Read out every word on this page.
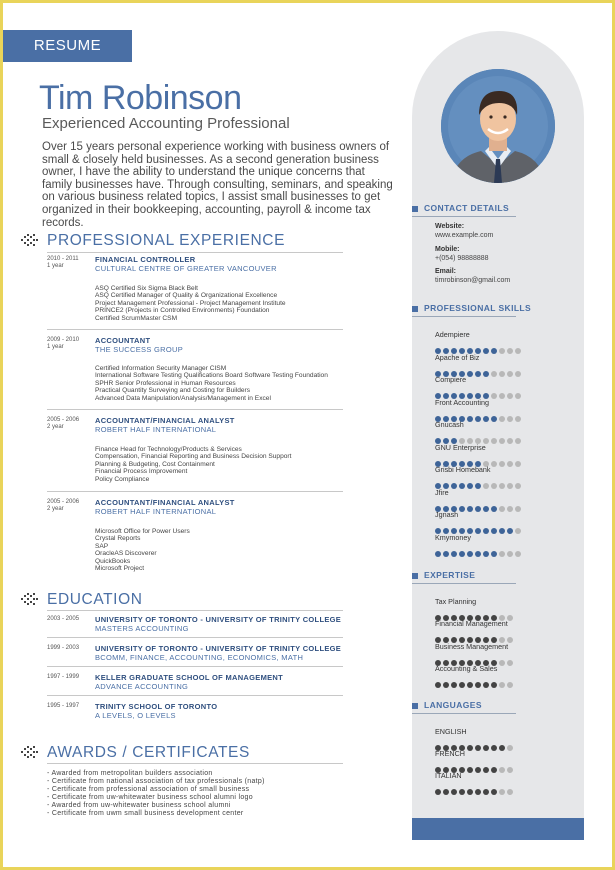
RESUME
Tim Robinson
Experienced Accounting Professional
Over 15 years personal experience working with business owners of small & closely held businesses. As a second generation business owner, I have the ability to understand the unique concerns that family businesses have. Through consulting, seminars, and speaking on various business related topics, I assist small businesses to get organized in their bookkeeping, accounting, payroll & income tax records.
PROFESSIONAL EXPERIENCE
2010 - 2011
1 year
FINANCIAL CONTROLLER
CULTURAL CENTRE OF GREATER VANCOUVER
ASQ Certified Six Sigma Black Belt
ASQ Certified Manager of Quality & Organizational Excellence
Project Management Professional - Project Management Institute
PRINCE2 (Projects in Controlled Environments) Foundation
Certified ScrumMaster CSM
2009 - 2010
1 year
ACCOUNTANT
THE SUCCESS GROUP
Certified Information Security Manager CISM
International Software Testing Qualifications Board Software Testing Foundation
SPHR Senior Professional in Human Resources
Practical Quantity Surveying and Costing for Builders
Advanced Data Manipulation/Analysis/Management in Excel
2005 - 2006
2 year
ACCOUNTANT/FINANCIAL ANALYST
ROBERT HALF INTERNATIONAL
Finance Head for Technology/Products & Services
Compensation, Financial Reporting and Business Decision Support
Planning & Budgeting, Cost Containment
Financial Process Improvement
Policy Compliance
2005 - 2006
2 year
ACCOUNTANT/FINANCIAL ANALYST
ROBERT HALF INTERNATIONAL
Microsoft Office for Power Users
Crystal Reports
SAP
OracleAS Discoverer
QuickBooks
Microsoft Project
EDUCATION
2003 - 2005 UNIVERSITY OF TORONTO - UNIVERSITY OF TRINITY COLLEGE
MASTERS ACCOUNTING
1999 - 2003 UNIVERSITY OF TORONTO - UNIVERSITY OF TRINITY COLLEGE
BCOMM, FINANCE, ACCOUNTING, ECONOMICS, MATH
1997 - 1999 KELLER GRADUATE SCHOOL OF MANAGEMENT
ADVANCE ACCOUNTING
1995 - 1997 TRINITY SCHOOL OF TORONTO
A LEVELS, O LEVELS
AWARDS / CERTIFICATES
- Awarded from metropolitan builders association
- Certificate from national association of tax professionals (natp)
- Certificate from professional association of small business
- Certificate from uw-whitewater business school alumni logo
- Awarded from uw-whitewater business school alumni
- Certificate from uwm small business development center
CONTACT DETAILS
Website:
www.example.com
Mobile:
+(054) 98888888
Email:
timrobinson@gmail.com
PROFESSIONAL SKILLS
Adempiere
Apache of Biz
Compiere
Front Accounting
Gnucash
GNU Enterprise
Grisbi Homebank
Jfire
Jgnash
Kmymoney
EXPERTISE
Tax Planning
Financial Management
Business Management
Accounting & Sales
LANGUAGES
ENGLISH
FRENCH
ITALIAN
